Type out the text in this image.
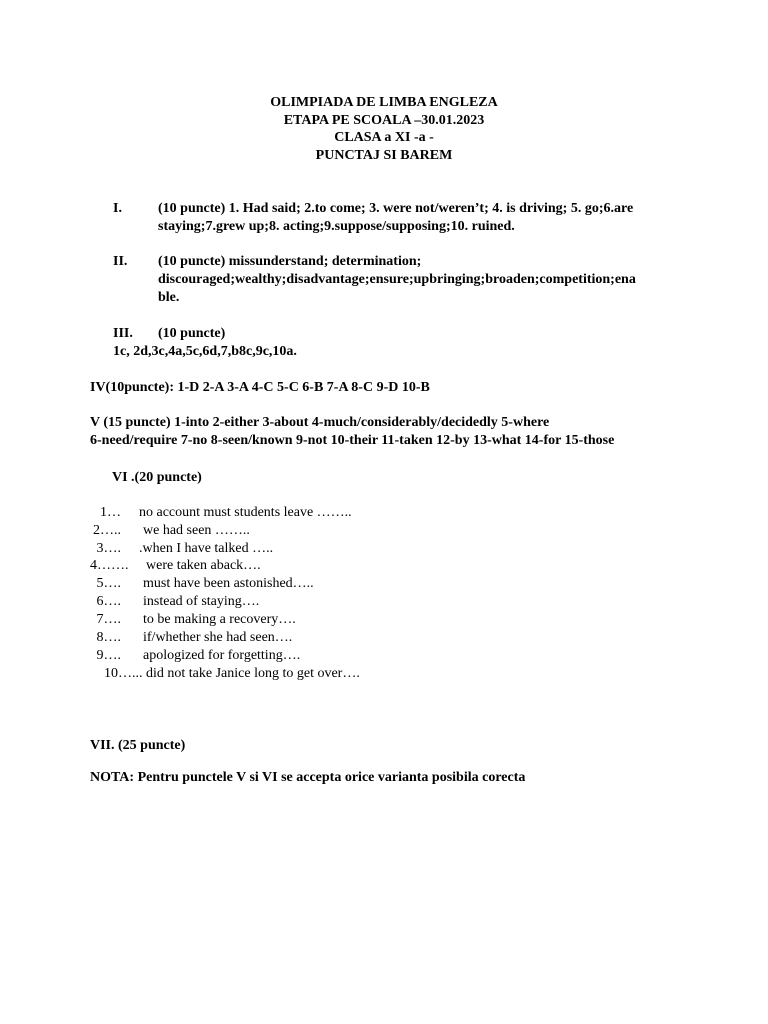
OLIMPIADA DE LIMBA ENGLEZA
ETAPA PE SCOALA –30.01.2023
CLASA a XI -a -
PUNCTAJ SI BAREM
I.	(10 puncte) 1. Had said; 2.to come; 3. were not/weren’t; 4. is driving; 5. go;6.are
staying;7.grew up;8. acting;9.suppose/supposing;10. ruined.
II. (10 puncte) missunderstand; determination;
discouraged;wealthy;disadvantage;ensure;upbringing;broaden;competition;ena
ble.
III. (10 puncte)
1c, 2d,3c,4a,5c,6d,7,b8c,9c,10a.
IV(10puncte): 1-D 2-A 3-A 4-C 5-C 6-B 7-A 8-C 9-D 10-B
V (15 puncte) 1-into 2-either 3-about 4-much/considerably/decidedly 5-where
6-need/require 7-no 8-seen/known 9-not 10-their 11-taken 12-by 13-what 14-for 15-those
VI .(20 puncte)
1… no account must students leave ……..
2….. we had seen ……..
3…. .when I have talked …..
4……. were taken aback….
5…. must have been astonished…..
6…. instead of staying….
7…. to be making a recovery….
8…. if/whether she had seen….
9…. apologized for forgetting….
10…... did not take Janice long to get over….
VII. (25 puncte)
NOTA: Pentru punctele V si VI se accepta orice varianta posibila corecta
